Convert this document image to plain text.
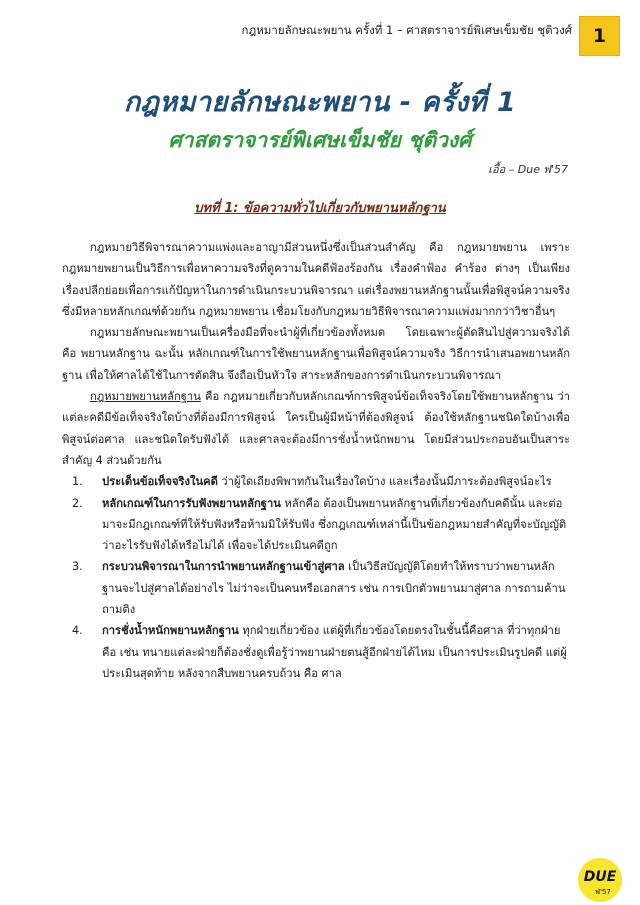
กฎหมายลักษณะพยาน ครั้งที่ 1 – ศาสตราจารย์พิเศษเข็มชัย ชุติวงศ์	1
กฎหมายลักษณะพยาน - ครั้งที่ 1
ศาสตราจารย์พิเศษเข็มชัย ชุติวงศ์
เอื้อ – Due ฬ'57
บทที่ 1: ข้อความทั่วไปเกี่ยวกับพยานหลักฐาน

กฎหมายวิธีพิจารณาความแพ่งและอาญามีส่วนหนึ่งซึ่งเป็นส่วนสำคัญ คือ กฎหมายพยาน เพราะกฎหมายพยานเป็นวิธีการเพื่อหาความจริงที่ดูความในคดีฟ้องร้องกัน เรื่องคำฟ้อง คำร้อง ต่างๆ เป็นเพียงเรื่องปลีกย่อยเพื่อการแก้ปัญหาในการดำเนินกระบวนพิจารณา แต่เรื่องพยานหลักฐานนั้นเพื่อพิสูจน์ความจริง ซึ่งมีหลายหลักเกณฑ์ด้วยกัน กฎหมายพยาน เชื่อมโยงกับกฎหมายวิธีพิจารณาความแพ่งมากกว่าวิชาอื่นๆ

กฎหมายลักษณะพยานเป็นเครื่องมือที่จะนำผู้ที่เกี่ยวข้องทั้งหมด โดยเฉพาะผู้ตัดสินไปสู่ความจริงได้ คือ พยานหลักฐาน ฉะนั้น หลักเกณฑ์ในการใช้พยานหลักฐานเพื่อพิสูจน์ความจริง วิธีการนำเสนอพยานหลักฐาน เพื่อให้ศาลได้ใช้ในการตัดสิน จึงถือเป็นหัวใจ สาระหลักของการดำเนินกระบวนพิจารณา

กฎหมายพยานหลักฐาน คือ กฎหมายเกี่ยวกับหลักเกณฑ์การพิสูจน์ข้อเท็จจริงโดยใช้พยานหลักฐาน ว่าแต่ละคดีมีข้อเท็จจริงใดบ้างที่ต้องมีการพิสูจน์ ใครเป็นผู้มีหน้าที่ต้องพิสูจน์ ต้องใช้หลักฐานชนิดใดบ้างเพื่อพิสูจน์ต่อศาล และชนิดใดรับฟังได้ และศาลจะต้องมีการชั่งน้ำหนักพยาน โดยมีส่วนประกอบอันเป็นสาระสำคัญ 4 ส่วนด้วยกัน

1.	ประเด็นข้อเท็จจริงในคดี ว่าผู้ใดเถียงพิพาทกันในเรื่องใดบ้าง และเรื่องนั้นมีภาระต้องพิสูจน์อะไร
2.	หลักเกณฑ์ในการรับฟังพยานหลักฐาน หลักคือ ต้องเป็นพยานหลักฐานที่เกี่ยวข้องกับคดีนั้น และต่อมาจะมีกฎเกณฑ์ที่ให้รับฟังหรือห้ามมิให้รับฟัง ซึ่งกฎเกณฑ์เหล่านี้เป็นข้อกฎหมายสำคัญที่จะบัญญัติว่าอะไรรับฟังได้หรือไม่ได้ เพื่อจะได้ประเมินคดีถูก
3.	กระบวนพิจารณาในการนำพยานหลักฐานเข้าสู่ศาล เป็นวิธีสบัญญัติโดยทำให้ทราบว่าพยานหลักฐานจะไปสู่ศาลได้อย่างไร ไม่ว่าจะเป็นคนหรือเอกสาร เช่น การเบิกตัวพยานมาสู่ศาล การถามค้าน ถามติง
4.	การชั่งน้ำหนักพยานหลักฐาน ทุกฝ่ายเกี่ยวข้อง แต่ผู้ที่เกี่ยวข้องโดยตรงในชั้นนี้คือศาล ที่ว่าทุกฝ่าย คือ เช่น ทนายแต่ละฝ่ายก็ต้องชั่งดูเพื่อรู้ว่าพยานฝ่ายตนสู้อีกฝ่ายได้ไหม เป็นการประเมินรูปคดี แต่ผู้ประเมินสุดท้าย หลังจากสืบพยานครบถ้วน คือ ศาล
DUE
ฬ'57
